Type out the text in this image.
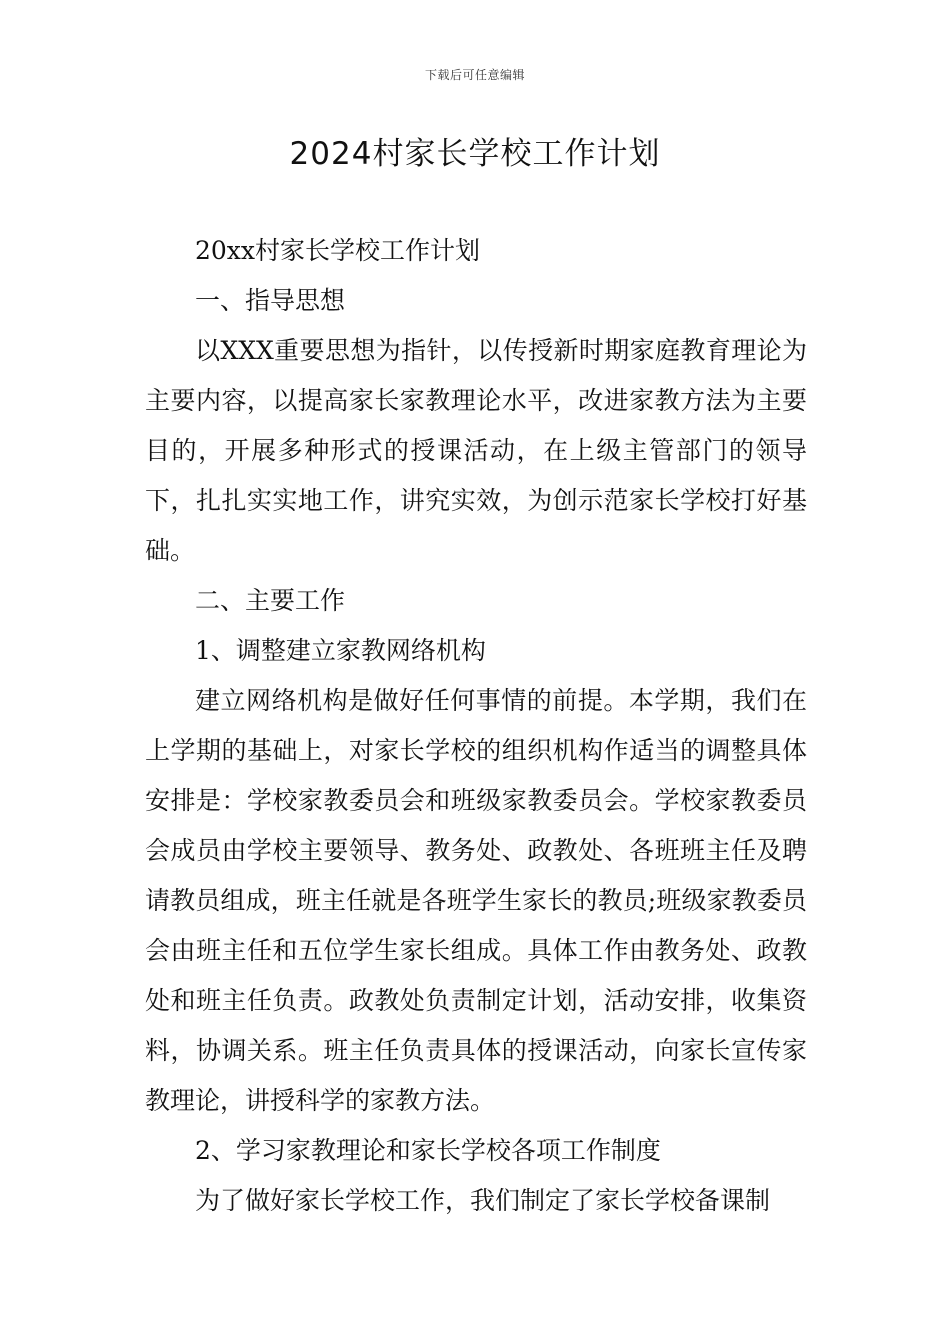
下载后可任意编辑
2024村家长学校工作计划

20xx村家长学校工作计划

一、指导思想

以XXX重要思想为指针，以传授新时期家庭教育理论为主要内容，以提高家长家教理论水平，改进家教方法为主要目的，开展多种形式的授课活动，在上级主管部门的领导下，扎扎实实地工作，讲究实效，为创示范家长学校打好基础。

二、主要工作

1、调整建立家教网络机构

建立网络机构是做好任何事情的前提。本学期，我们在上学期的基础上，对家长学校的组织机构作适当的调整具体安排是：学校家教委员会和班级家教委员会。学校家教委员会成员由学校主要领导、教务处、政教处、各班班主任及聘请教员组成，班主任就是各班学生家长的教员;班级家教委员会由班主任和五位学生家长组成。具体工作由教务处、政教处和班主任负责。政教处负责制定计划，活动安排，收集资料，协调关系。班主任负责具体的授课活动，向家长宣传家教理论，讲授科学的家教方法。

2、学习家教理论和家长学校各项工作制度

为了做好家长学校工作，我们制定了家长学校备课制
